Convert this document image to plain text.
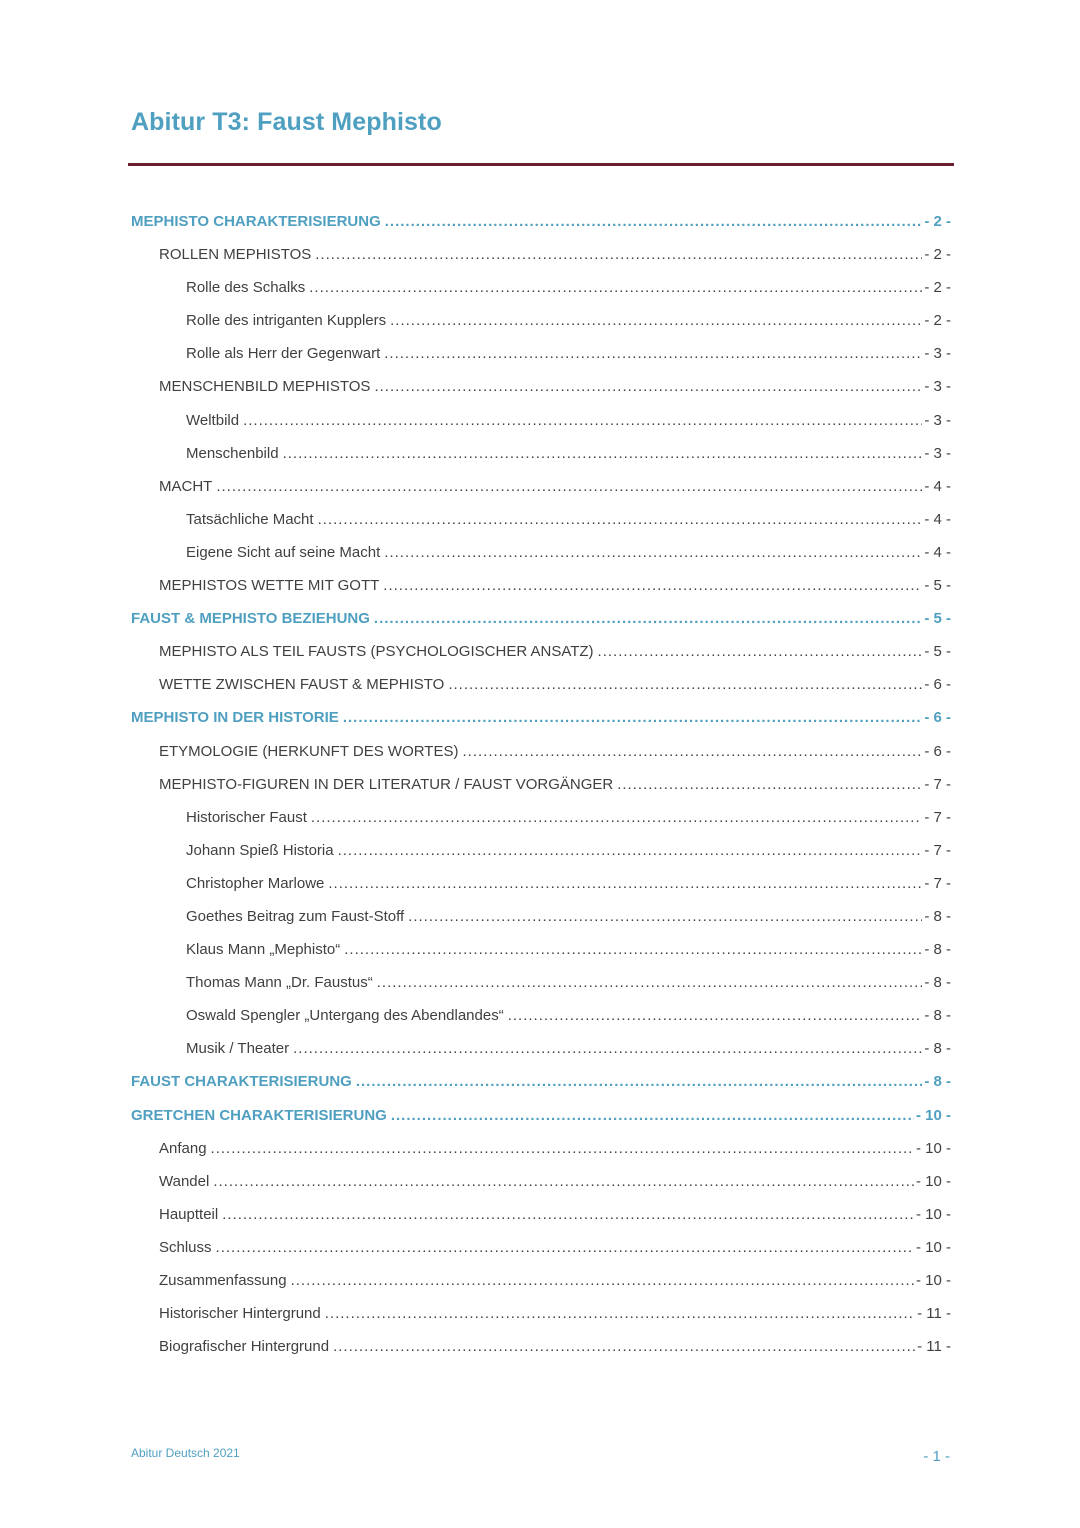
Abitur T3: Faust Mephisto
MEPHISTO CHARAKTERISIERUNG .....	- 2 -
ROLLEN MEPHISTOS .....	- 2 -
Rolle des Schalks .....	- 2 -
Rolle des intriganten Kupplers .....	- 2 -
Rolle als Herr der Gegenwart .....	- 3 -
MENSCHENBILD MEPHISTOS .....	- 3 -
Weltbild .....	- 3 -
Menschenbild .....	- 3 -
MACHT .....	- 4 -
Tatsächliche Macht .....	- 4 -
Eigene Sicht auf seine Macht .....	- 4 -
MEPHISTOS WETTE MIT GOTT .....	- 5 -
FAUST & MEPHISTO BEZIEHUNG .....	- 5 -
MEPHISTO ALS TEIL FAUSTS (PSYCHOLOGISCHER ANSATZ) .....	- 5 -
WETTE ZWISCHEN FAUST & MEPHISTO .....	- 6 -
MEPHISTO IN DER HISTORIE .....	- 6 -
ETYMOLOGIE (HERKUNFT DES WORTES) .....	- 6 -
MEPHISTO-FIGUREN IN DER LITERATUR / FAUST VORGÄNGER .....	- 7 -
Historischer Faust .....	- 7 -
Johann Spieß Historia .....	- 7 -
Christopher Marlowe .....	- 7 -
Goethes Beitrag zum Faust-Stoff .....	- 8 -
Klaus Mann „Mephisto“ .....	- 8 -
Thomas Mann „Dr. Faustus“ .....	- 8 -
Oswald Spengler „Untergang des Abendlandes“ .....	- 8 -
Musik / Theater .....	- 8 -
FAUST CHARAKTERISIERUNG .....	- 8 -
GRETCHEN CHARAKTERISIERUNG .....	- 10 -
Anfang .....	- 10 -
Wandel .....	- 10 -
Hauptteil .....	- 10 -
Schluss .....	- 10 -
Zusammenfassung .....	- 10 -
Historischer Hintergrund .....	- 11 -
Biografischer Hintergrund .....	- 11 -
Abitur Deutsch 2021	- 1 -
